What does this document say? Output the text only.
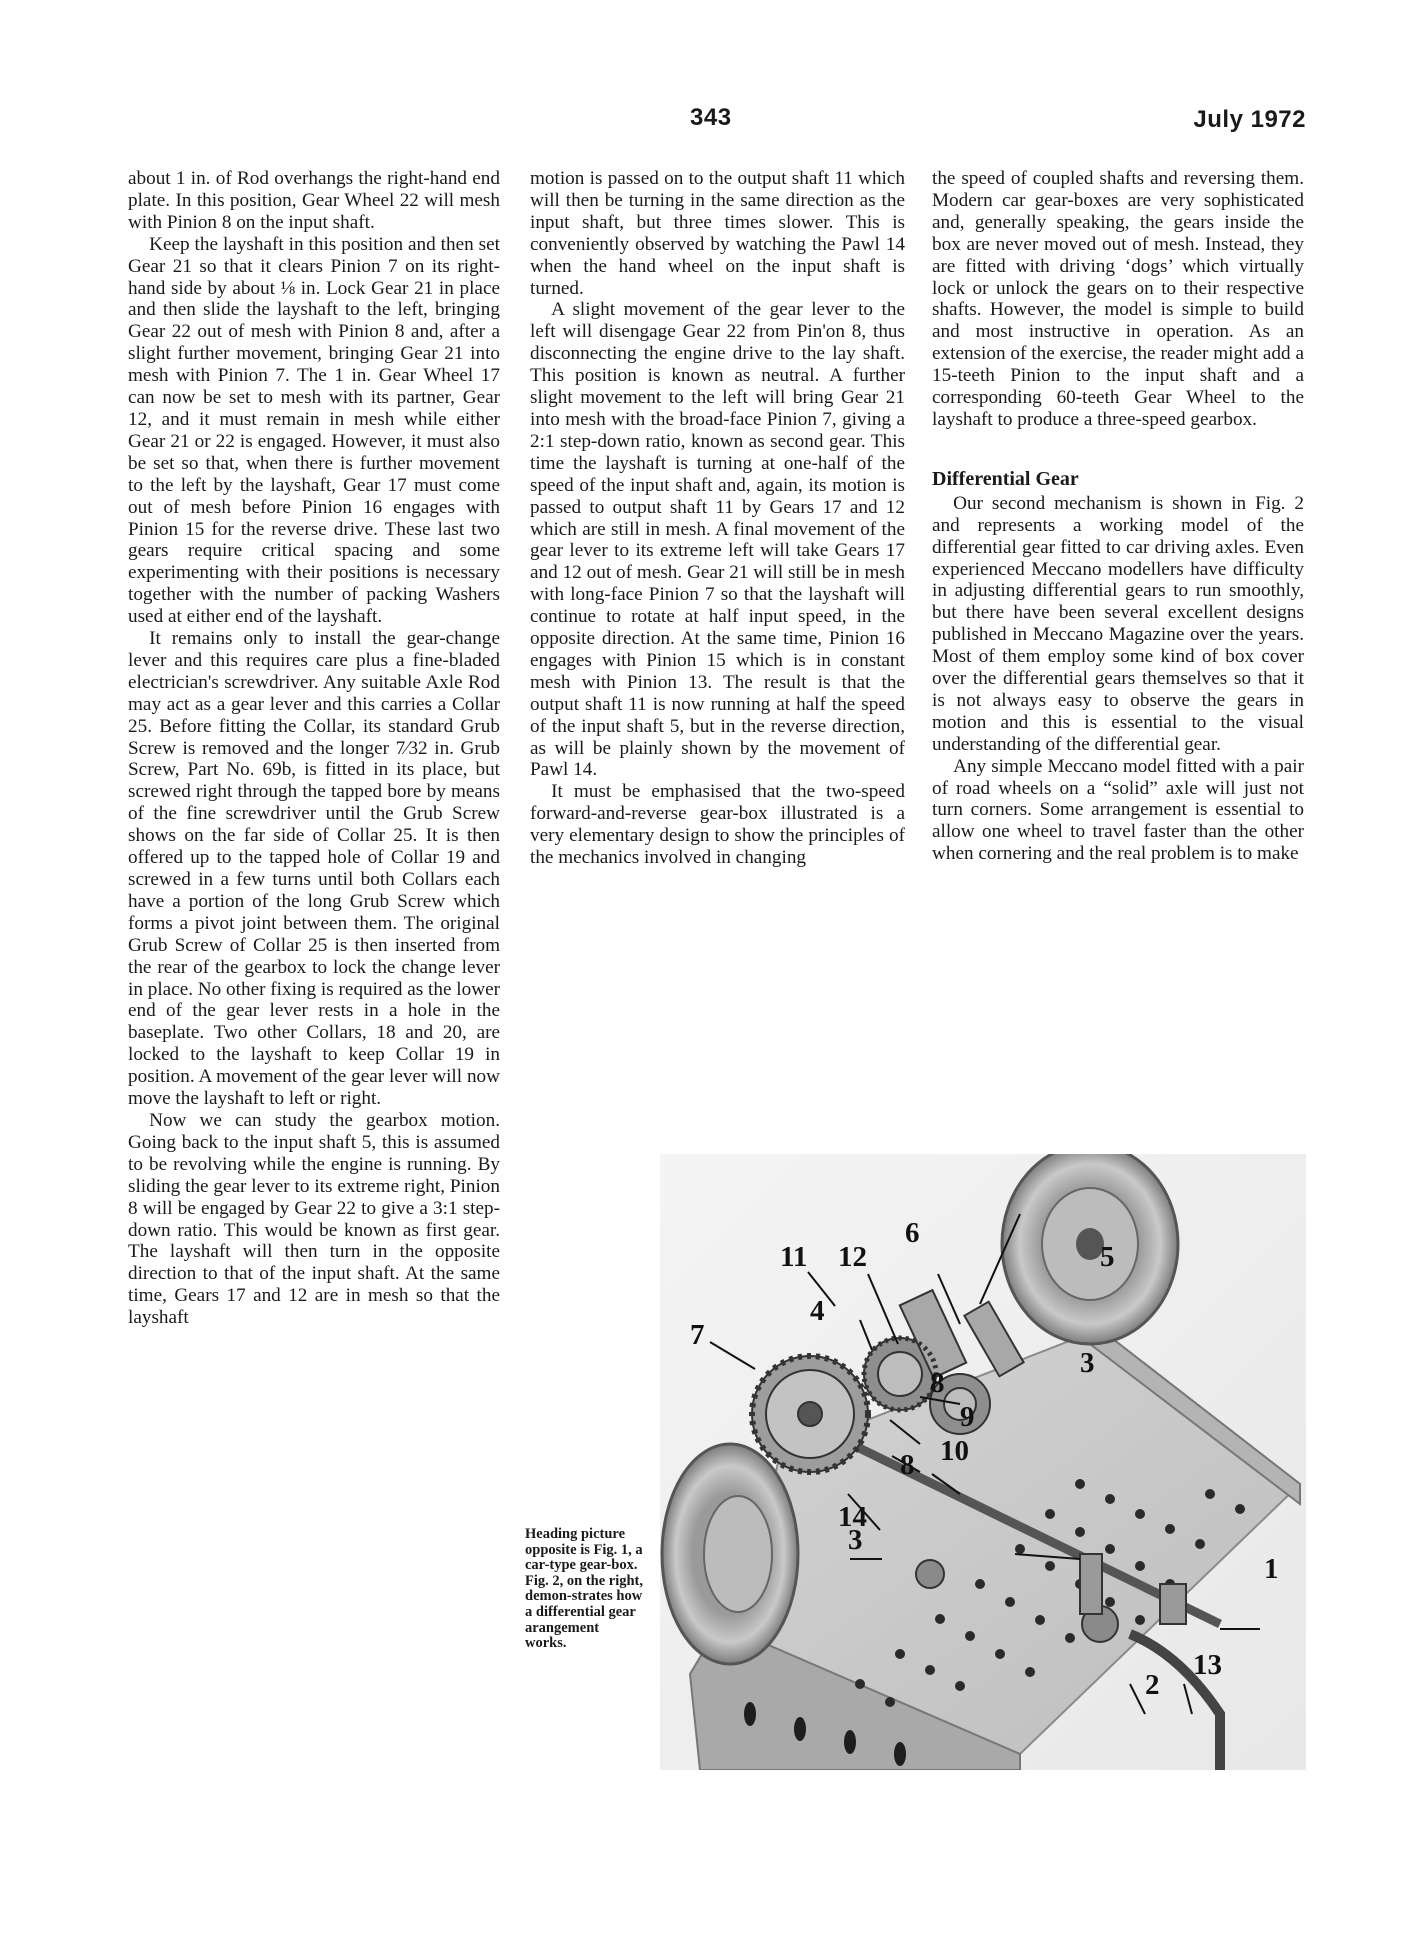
343	July 1972

about 1 in. of Rod overhangs the right-hand end plate. In this position, Gear Wheel 22 will mesh with Pinion 8 on the input shaft.

Keep the layshaft in this position and then set Gear 21 so that it clears Pinion 7 on its right-hand side by about ⅛ in. Lock Gear 21 in place and then slide the layshaft to the left, bringing Gear 22 out of mesh with Pinion 8 and, after a slight further movement, bringing Gear 21 into mesh with Pinion 7. The 1 in. Gear Wheel 17 can now be set to mesh with its partner, Gear 12, and it must remain in mesh while either Gear 21 or 22 is engaged. However, it must also be set so that, when there is further movement to the left by the layshaft, Gear 17 must come out of mesh before Pinion 16 engages with Pinion 15 for the reverse drive. These last two gears require critical spacing and some experimenting with their positions is necessary together with the number of packing Washers used at either end of the layshaft.

It remains only to install the gear-change lever and this requires care plus a fine-bladed electrician's screwdriver. Any suitable Axle Rod may act as a gear lever and this carries a Collar 25. Before fitting the Collar, its standard Grub Screw is removed and the longer 7⁄32 in. Grub Screw, Part No. 69b, is fitted in its place, but screwed right through the tapped bore by means of the fine screwdriver until the Grub Screw shows on the far side of Collar 25. It is then offered up to the tapped hole of Collar 19 and screwed in a few turns until both Collars each have a portion of the long Grub Screw which forms a pivot joint between them. The original Grub Screw of Collar 25 is then inserted from the rear of the gearbox to lock the change lever in place. No other fixing is required as the lower end of the gear lever rests in a hole in the baseplate. Two other Collars, 18 and 20, are locked to the layshaft to keep Collar 19 in position. A movement of the gear lever will now move the layshaft to left or right.

Now we can study the gearbox motion. Going back to the input shaft 5, this is assumed to be revolving while the engine is running. By sliding the gear lever to its extreme right, Pinion 8 will be engaged by Gear 22 to give a 3:1 step-down ratio. This would be known as first gear. The layshaft will then turn in the opposite direction to that of the input shaft. At the same time, Gears 17 and 12 are in mesh so that the layshaft

motion is passed on to the output shaft 11 which will then be turning in the same direction as the input shaft, but three times slower. This is conveniently observed by watching the Pawl 14 when the hand wheel on the input shaft is turned.

A slight movement of the gear lever to the left will disengage Gear 22 from Pin'on 8, thus disconnecting the engine drive to the lay shaft. This position is known as neutral. A further slight movement to the left will bring Gear 21 into mesh with the broad-face Pinion 7, giving a 2:1 step-down ratio, known as second gear. This time the layshaft is turning at one-half of the speed of the input shaft and, again, its motion is passed to output shaft 11 by Gears 17 and 12 which are still in mesh. A final movement of the gear lever to its extreme left will take Gears 17 and 12 out of mesh. Gear 21 will still be in mesh with long-face Pinion 7 so that the layshaft will continue to rotate at half input speed, in the opposite direction. At the same time, Pinion 16 engages with Pinion 15 which is in constant mesh with Pinion 13. The result is that the output shaft 11 is now running at half the speed of the input shaft 5, but in the reverse direction, as will be plainly shown by the movement of Pawl 14.

It must be emphasised that the two-speed forward-and-reverse gear-box illustrated is a very elementary design to show the principles of the mechanics involved in changing

the speed of coupled shafts and reversing them. Modern car gear-boxes are very sophisticated and, generally speaking, the gears inside the box are never moved out of mesh. Instead, they are fitted with driving ‘dogs’ which virtually lock or unlock the gears on to their respective shafts. However, the model is simple to build and most instructive in operation. As an extension of the exercise, the reader might add a 15-teeth Pinion to the input shaft and a corresponding 60-teeth Gear Wheel to the layshaft to produce a three-speed gearbox.

Differential Gear

Our second mechanism is shown in Fig. 2 and represents a working model of the differential gear fitted to car driving axles. Even experienced Meccano modellers have difficulty in adjusting differential gears to run smoothly, but there have been several excellent designs published in Meccano Magazine over the years. Most of them employ some kind of box cover over the differential gears themselves so that it is not always easy to observe the gears in motion and this is essential to the visual understanding of the differential gear.

Any simple Meccano model fitted with a pair of road wheels on a “solid” axle will just not turn corners. Some arrangement is essential to allow one wheel to travel faster than the other when cornering and the real problem is to make

Heading picture opposite is Fig. 1, a car-type gear-box. Fig. 2, on the right, demon-strates how a differential gear arangement works.
11 12
6
5
4
7
8
3
9
10
8
14
3
1
13
2
